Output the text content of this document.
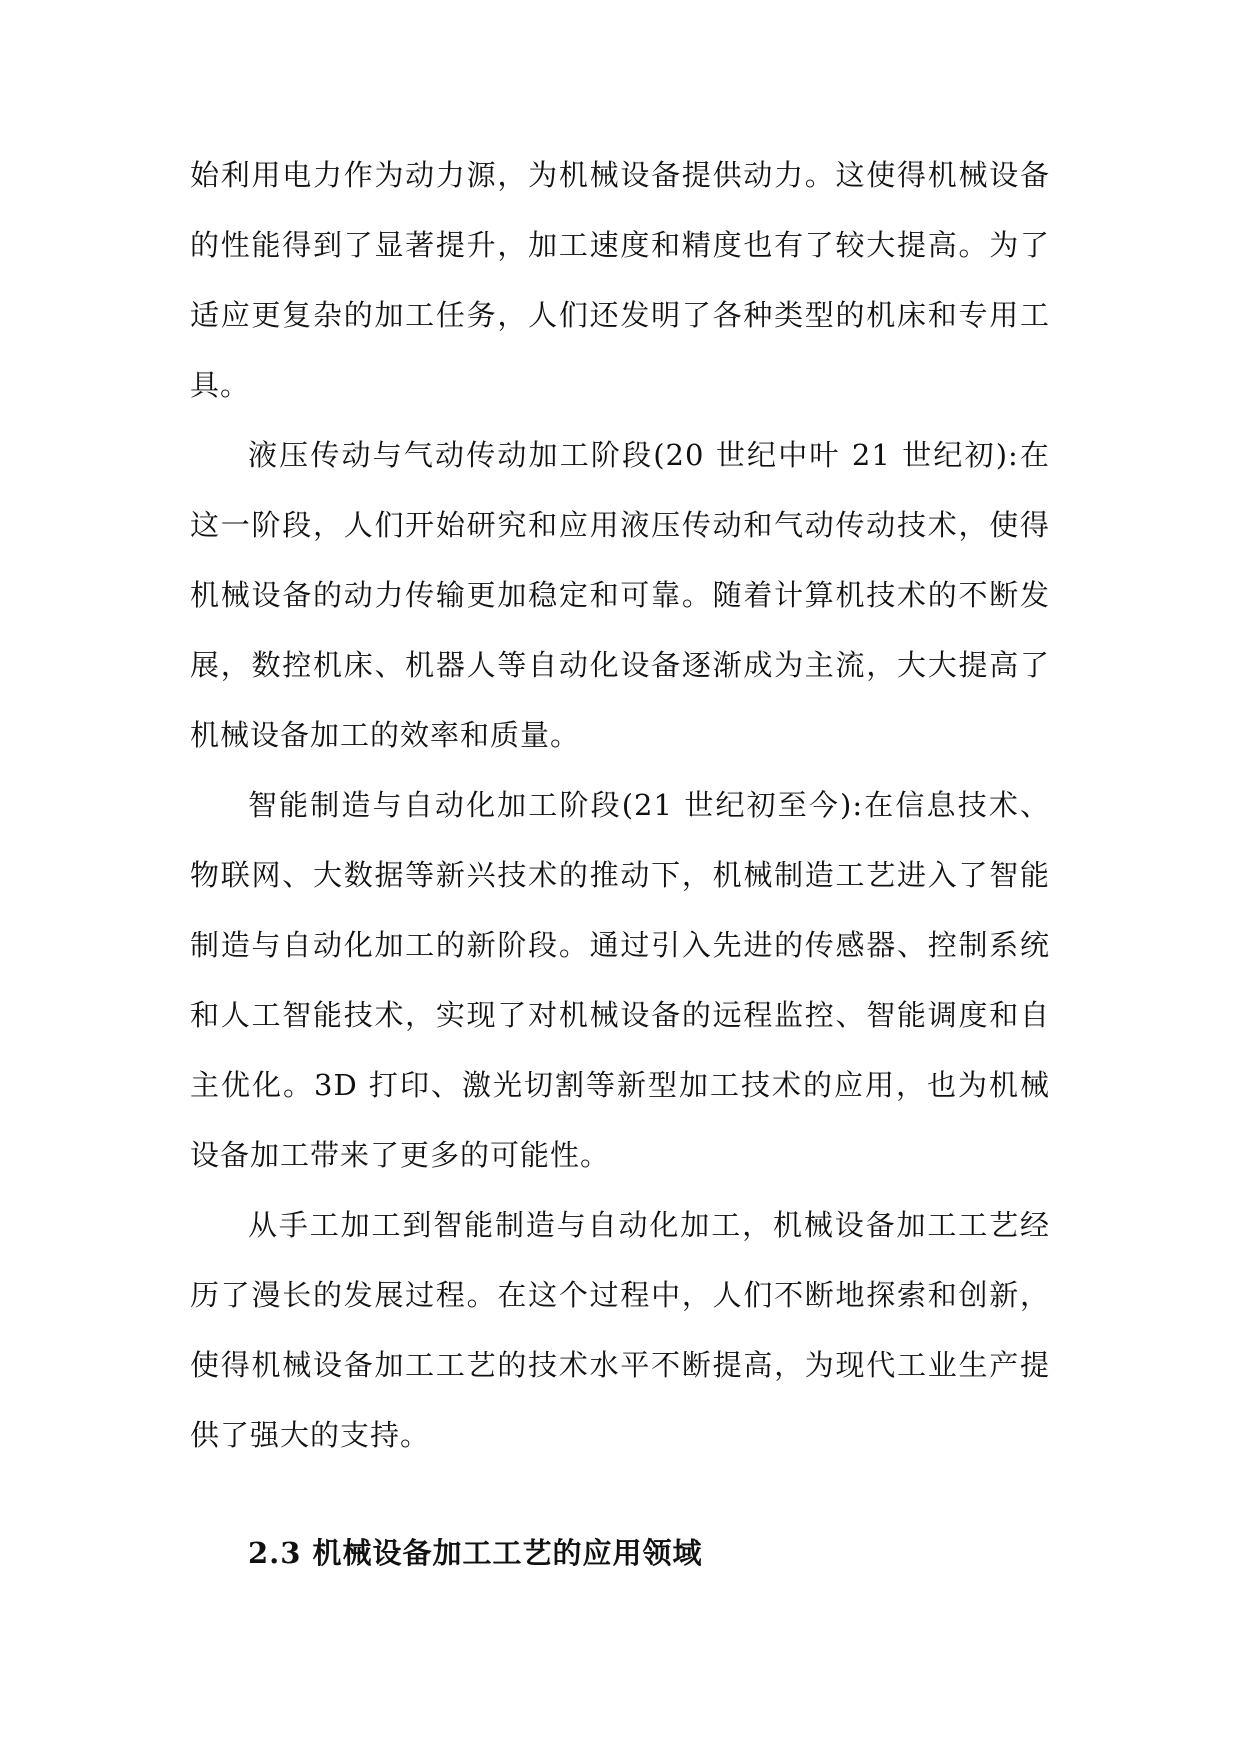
始利用电力作为动力源，为机械设备提供动力。这使得机械设备的性能得到了显著提升，加工速度和精度也有了较大提高。为了适应更复杂的加工任务，人们还发明了各种类型的机床和专用工具。

液压传动与气动传动加工阶段(20 世纪中叶 21 世纪初):在这一阶段，人们开始研究和应用液压传动和气动传动技术，使得机械设备的动力传输更加稳定和可靠。随着计算机技术的不断发展，数控机床、机器人等自动化设备逐渐成为主流，大大提高了机械设备加工的效率和质量。

智能制造与自动化加工阶段(21 世纪初至今):在信息技术、物联网、大数据等新兴技术的推动下，机械制造工艺进入了智能制造与自动化加工的新阶段。通过引入先进的传感器、控制系统和人工智能技术，实现了对机械设备的远程监控、智能调度和自主优化。3D 打印、激光切割等新型加工技术的应用，也为机械设备加工带来了更多的可能性。

从手工加工到智能制造与自动化加工，机械设备加工工艺经历了漫长的发展过程。在这个过程中，人们不断地探索和创新，使得机械设备加工工艺的技术水平不断提高，为现代工业生产提供了强大的支持。

2.3 机械设备加工工艺的应用领域
